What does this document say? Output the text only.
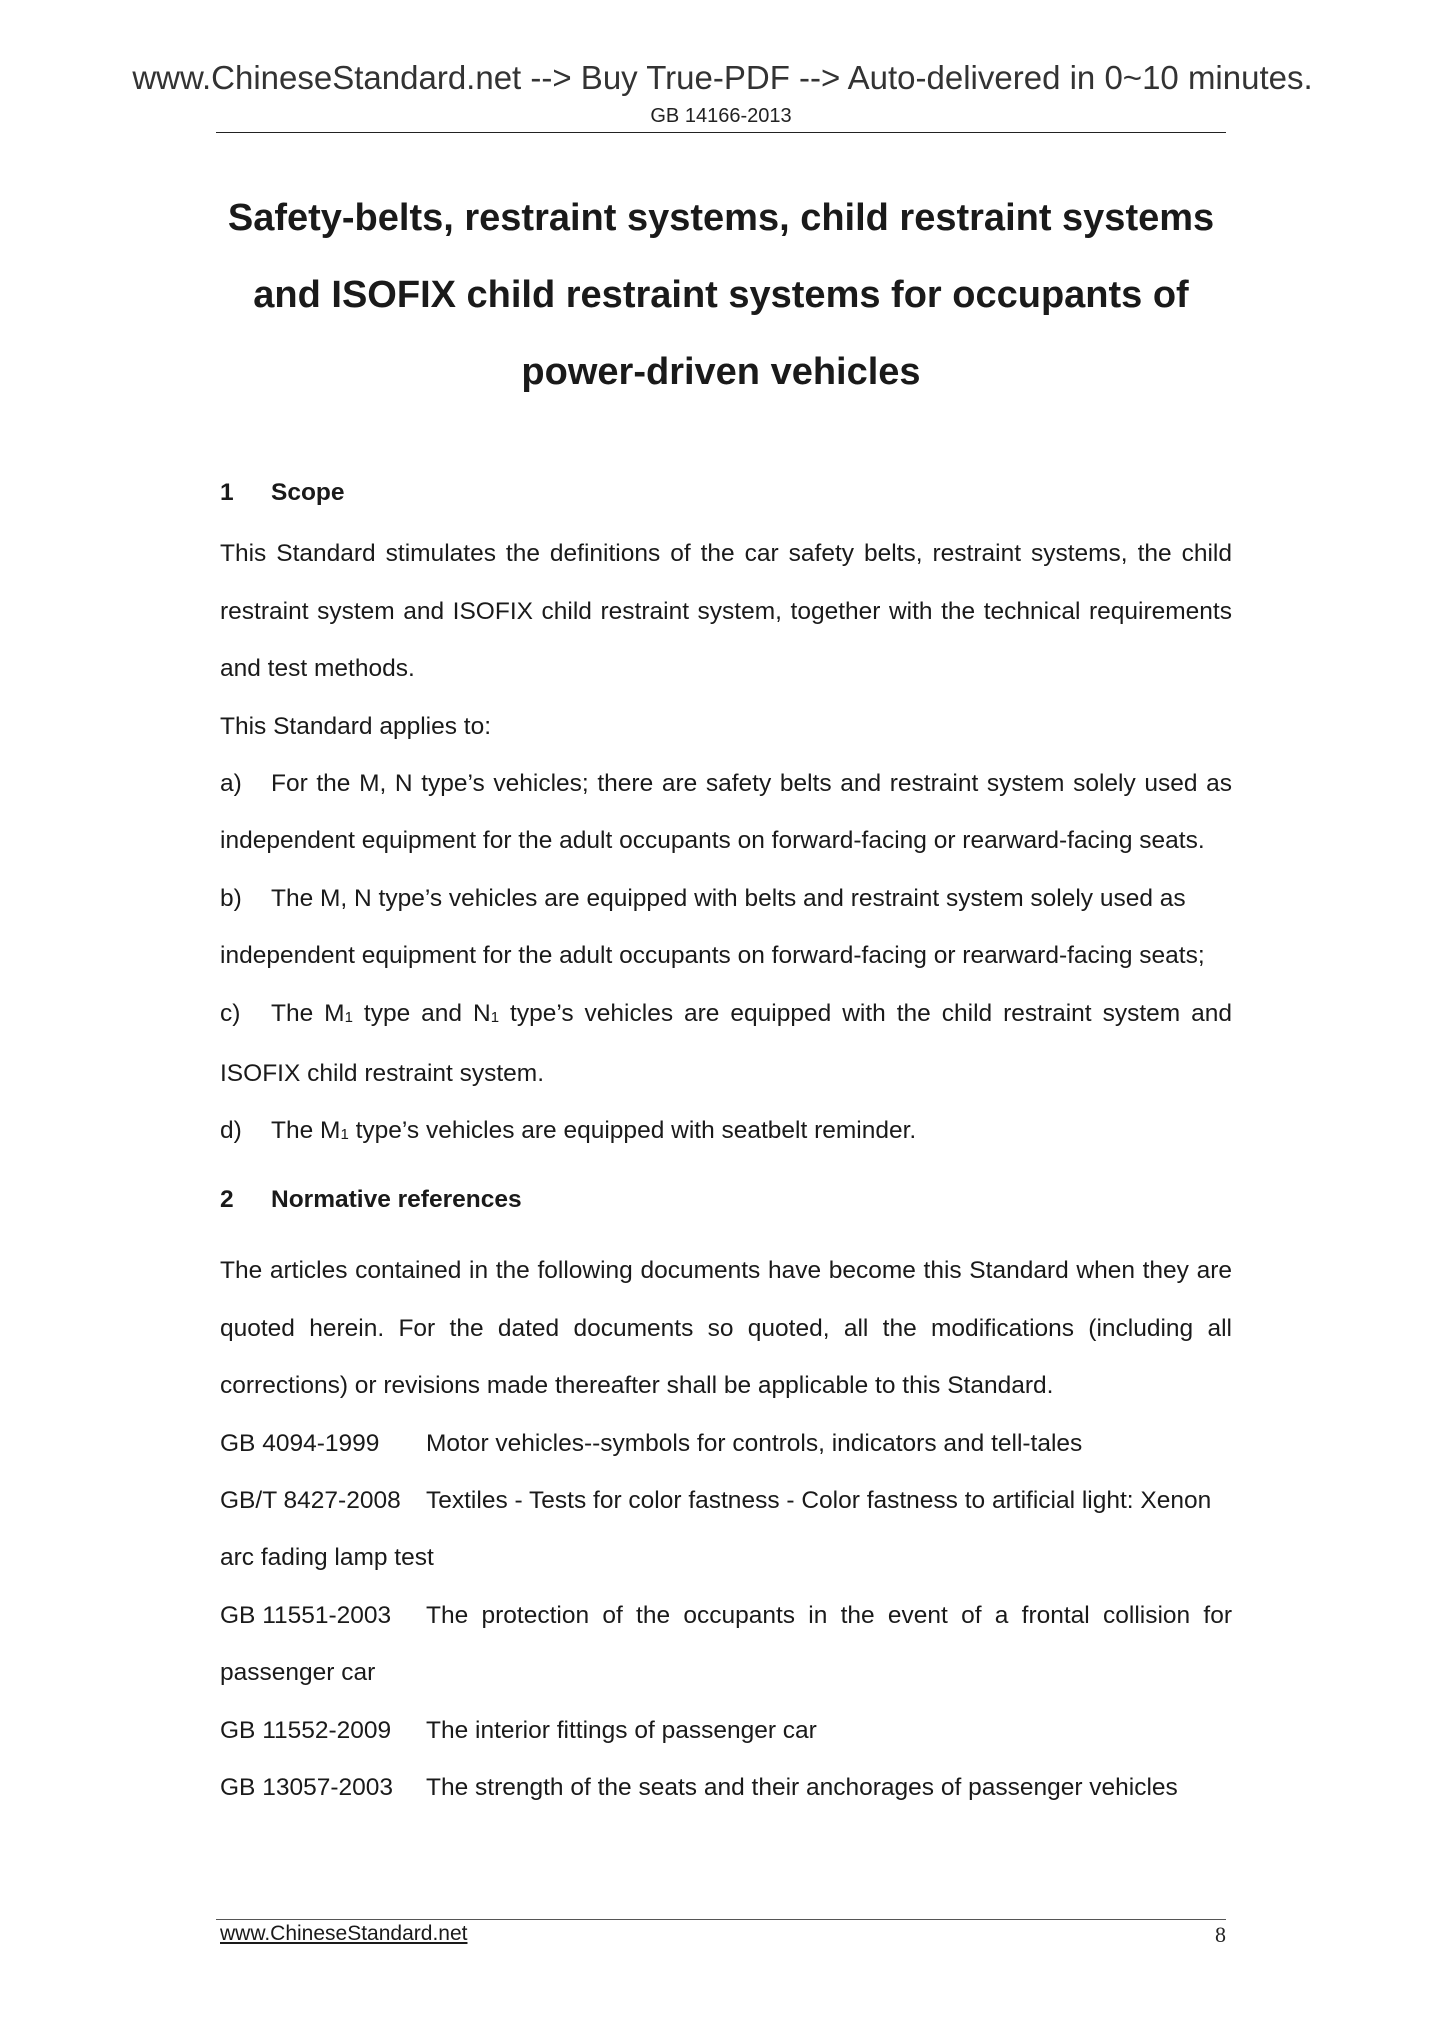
www.ChineseStandard.net --> Buy True-PDF --> Auto-delivered in 0~10 minutes.
GB 14166-2013
Safety-belts, restraint systems, child restraint systems
and ISOFIX child restraint systems for occupants of
power-driven vehicles
1 Scope

This Standard stimulates the definitions of the car safety belts, restraint systems, the child restraint system and ISOFIX child restraint system, together with the technical requirements and test methods.

This Standard applies to:

a) For the M, N type’s vehicles; there are safety belts and restraint system solely used as independent equipment for the adult occupants on forward-facing or rearward-facing seats.

b) The M, N type’s vehicles are equipped with belts and restraint system solely used as independent equipment for the adult occupants on forward-facing or rearward-facing seats;

c) The M1 type and N1 type’s vehicles are equipped with the child restraint system and ISOFIX child restraint system.

d) The M1 type’s vehicles are equipped with seatbelt reminder.

2 Normative references

The articles contained in the following documents have become this Standard when they are quoted herein. For the dated documents so quoted, all the modifications (including all corrections) or revisions made thereafter shall be applicable to this Standard.

GB 4094-1999 Motor vehicles--symbols for controls, indicators and tell-tales

GB/T 8427-2008 Textiles - Tests for color fastness - Color fastness to artificial light: Xenon arc fading lamp test

GB 11551-2003 The protection of the occupants in the event of a frontal collision for passenger car

GB 11552-2009 The interior fittings of passenger car

GB 13057-2003 The strength of the seats and their anchorages of passenger vehicles

www.ChineseStandard.net	8
